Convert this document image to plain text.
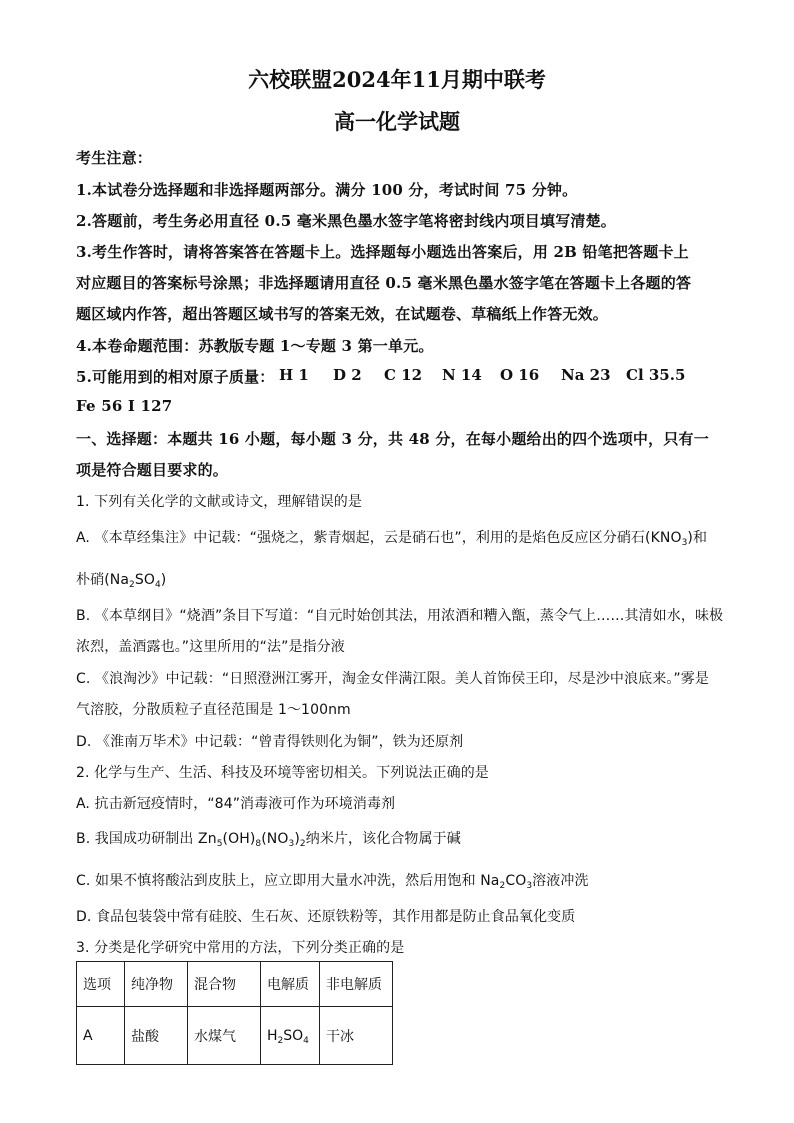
六校联盟2024年11月期中联考
高一化学试题
考生注意：
1.本试卷分选择题和非选择题两部分。满分 100 分，考试时间 75 分钟。
2.答题前，考生务必用直径 0.5 毫米黑色墨水签字笔将密封线内项目填写清楚。
3.考生作答时，请将答案答在答题卡上。选择题每小题选出答案后，用 2B 铅笔把答题卡上
对应题目的答案标号涂黑；非选择题请用直径 0.5 毫米黑色墨水签字笔在答题卡上各题的答
题区域内作答，超出答题区域书写的答案无效，在试题卷、草稿纸上作答无效。
4.本卷命题范围：苏教版专题 1～专题 3 第一单元。
5.可能用到的相对原子质量： H 1 D 2 C 12 N 14 O 16 Na 23 Cl 35.5
Fe 56 I 127
一、选择题：本题共 16 小题，每小题 3 分，共 48 分，在每小题给出的四个选项中，只有一
项是符合题目要求的。
1. 下列有关化学的文献或诗文，理解错误的是
A. 《本草经集注》中记载：“强烧之，紫青烟起，云是硝石也”，利用的是焰色反应区分硝石$(KNO_3)$和
朴硝$(Na_2SO_4)$
B. 《本草纲目》“烧酒”条目下写道：“自元时始创其法，用浓酒和糟入甑，蒸令气上……其清如水，味极
浓烈，盖酒露也。”这里所用的“法”是指分液
C. 《浪淘沙》中记载：“日照澄洲江雾开，淘金女伴满江限。美人首饰侯王印，尽是沙中浪底来。”雾是
气溶胶，分散质粒子直径范围是 1～100nm
D. 《淮南万毕术》中记载：“曾青得铁则化为铜”，铁为还原剂
2. 化学与生产、生活、科技及环境等密切相关。下列说法正确的是
A. 抗击新冠疫情时，“84”消毒液可作为环境消毒剂
B. 我国成功研制出 $Zn_5(OH)_8(NO_3)_2$纳米片，该化合物属于碱
C. 如果不慎将酸沾到皮肤上，应立即用大量水冲洗，然后用饱和 $Na_2CO_3$溶液冲洗
D. 食品包装袋中常有硅胶、生石灰、还原铁粉等，其作用都是防止食品氧化变质
3. 分类是化学研究中常用的方法，下列分类正确的是
选项	纯净物	混合物	电解质	非电解质
A	盐酸	水煤气	$H_2SO_4$	干冰
